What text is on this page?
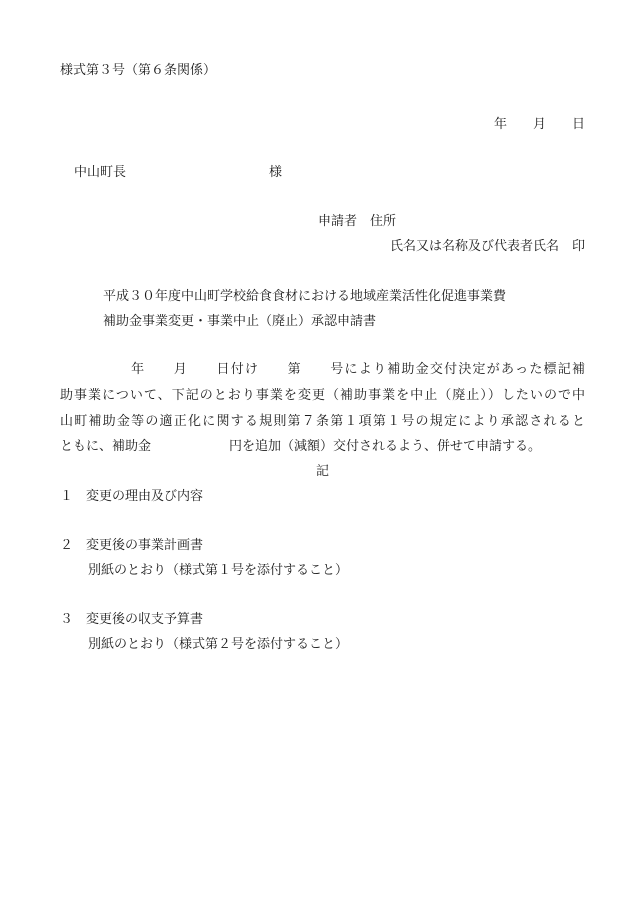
様式第３号（第６条関係）
年　　月　　日
中山町長　　　　　　　　　　　様
申請者　住所
氏名又は名称及び代表者氏名　印
平成３０年度中山町学校給食食材における地域産業活性化促進事業費
補助金事業変更・事業中止（廃止）承認申請書
　　　　　年　　月　　日付け　　第　　号により補助金交付決定があった標記補
助事業について、下記のとおり事業を変更（補助事業を中止（廃止））したいので中
山町補助金等の適正化に関する規則第７条第１項第１号の規定により承認されると
ともに、補助金　　　　　　円を追加（減額）交付されるよう、併せて申請する。
記
１　変更の理由及び内容
２　変更後の事業計画書
別紙のとおり（様式第１号を添付すること）
３　変更後の収支予算書
別紙のとおり（様式第２号を添付すること）
